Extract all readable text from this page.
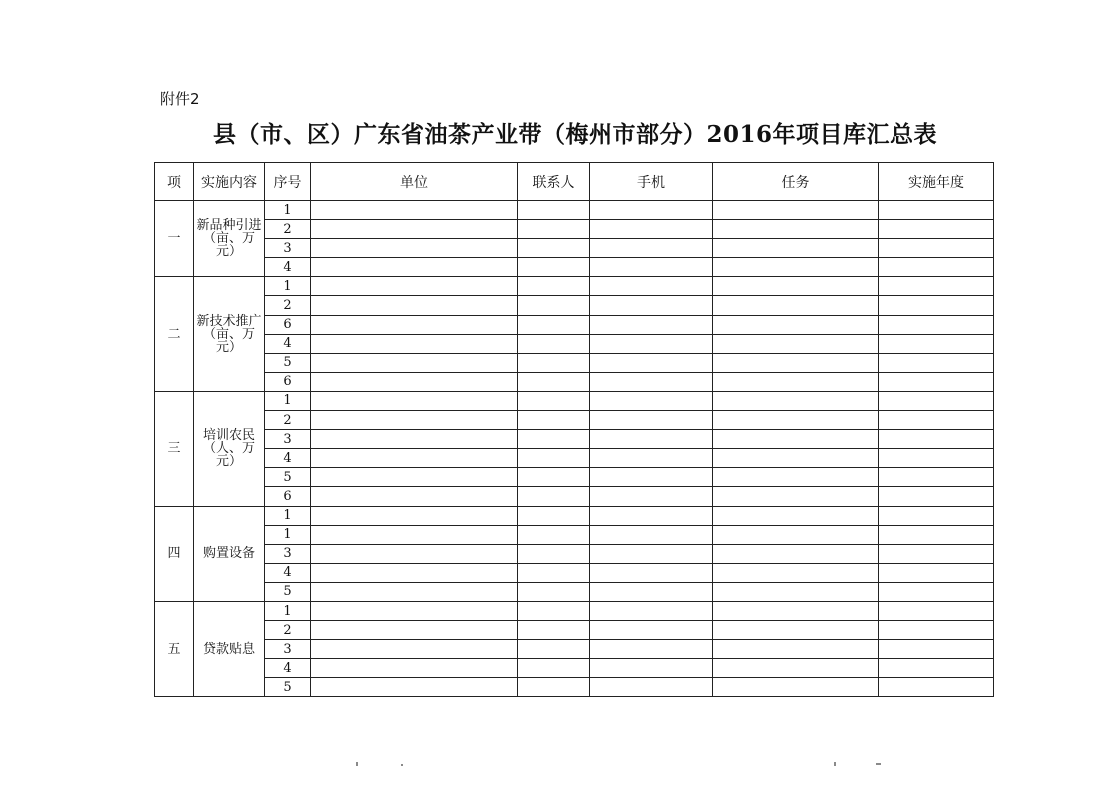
附件2
县（市、区）广东省油茶产业带（梅州市部分）2016年项目库汇总表
项	实施内容	序号	单位	联系人	手机	任务	实施年度
一	新品种引进（亩、万元）	1					
		2					
		3					
		4					
二	新技术推广（亩、万元）	1					
		2					
		6					
		4					
		5					
		6					
三	培训农民（人、万元）	1					
		2					
		3					
		4					
		5					
		6					
四	购置设备	1					
		1					
		3					
		4					
		5					
五	贷款贴息	1					
		2					
		3					
		4					
		5					
